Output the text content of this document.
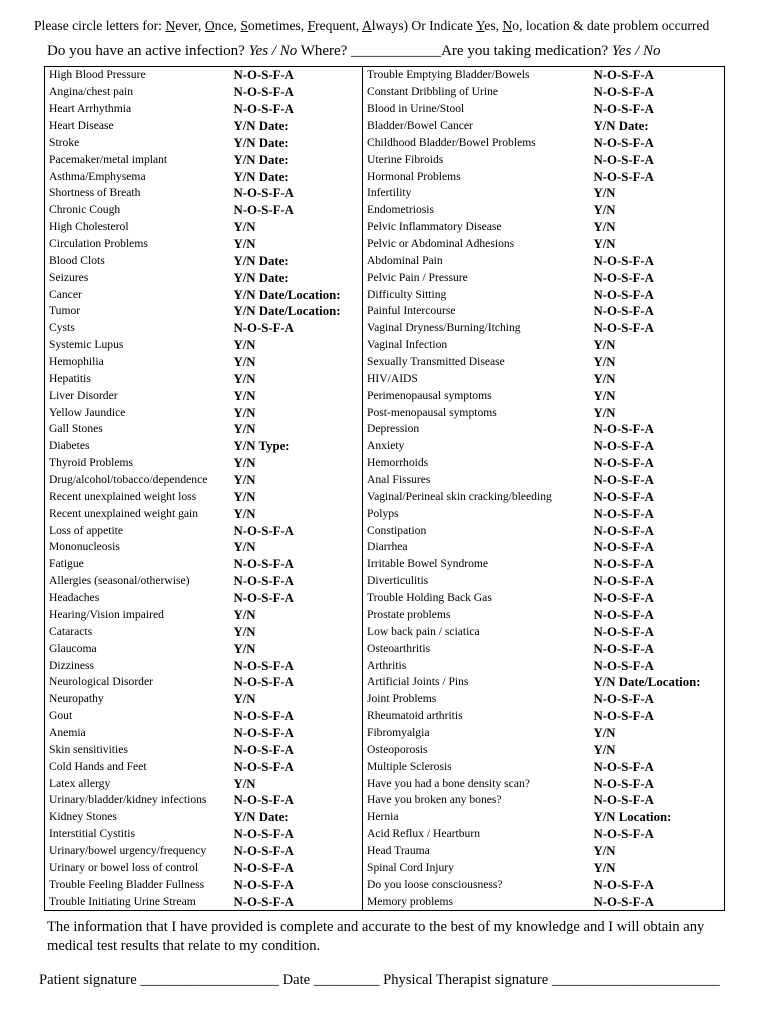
Please circle letters for: Never, Once, Sometimes, Frequent, Always) Or Indicate Yes, No, location & date problem occurred
Do you have an active infection? Yes / No Where? ____________Are you taking medication? Yes / No
High Blood Pressure	N-O-S-F-A	Trouble Emptying Bladder/Bowels	N-O-S-F-A
Angina/chest pain	N-O-S-F-A	Constant Dribbling of Urine	N-O-S-F-A
Heart Arrhythmia	N-O-S-F-A	Blood in Urine/Stool	N-O-S-F-A
Heart Disease	Y/N Date:	Bladder/Bowel Cancer	Y/N Date:
Stroke	Y/N Date:	Childhood Bladder/Bowel Problems	N-O-S-F-A
Pacemaker/metal implant	Y/N Date:	Uterine Fibroids	N-O-S-F-A
Asthma/Emphysema	Y/N Date:	Hormonal Problems	N-O-S-F-A
Shortness of Breath	N-O-S-F-A	Infertility	Y/N
Chronic Cough	N-O-S-F-A	Endometriosis	Y/N
High Cholesterol	Y/N	Pelvic Inflammatory Disease	Y/N
Circulation Problems	Y/N	Pelvic or Abdominal Adhesions	Y/N
Blood Clots	Y/N Date:	Abdominal Pain	N-O-S-F-A
Seizures	Y/N Date:	Pelvic Pain / Pressure	N-O-S-F-A
Cancer	Y/N Date/Location:	Difficulty Sitting	N-O-S-F-A
Tumor	Y/N Date/Location:	Painful Intercourse	N-O-S-F-A
Cysts	N-O-S-F-A	Vaginal Dryness/Burning/Itching	N-O-S-F-A
Systemic Lupus	Y/N	Vaginal Infection	Y/N
Hemophilia	Y/N	Sexually Transmitted Disease	Y/N
Hepatitis	Y/N	HIV/AIDS	Y/N
Liver Disorder	Y/N	Perimenopausal symptoms	Y/N
Yellow Jaundice	Y/N	Post-menopausal symptoms	Y/N
Gall Stones	Y/N	Depression	N-O-S-F-A
Diabetes	Y/N Type:	Anxiety	N-O-S-F-A
Thyroid Problems	Y/N	Hemorrhoids	N-O-S-F-A
Drug/alcohol/tobacco/dependence	Y/N	Anal Fissures	N-O-S-F-A
Recent unexplained weight loss	Y/N	Vaginal/Perineal skin cracking/bleeding	N-O-S-F-A
Recent unexplained weight gain	Y/N	Polyps	N-O-S-F-A
Loss of appetite	N-O-S-F-A	Constipation	N-O-S-F-A
Mononucleosis	Y/N	Diarrhea	N-O-S-F-A
Fatigue	N-O-S-F-A	Irritable Bowel Syndrome	N-O-S-F-A
Allergies (seasonal/otherwise)	N-O-S-F-A	Diverticulitis	N-O-S-F-A
Headaches	N-O-S-F-A	Trouble Holding Back Gas	N-O-S-F-A
Hearing/Vision impaired	Y/N	Prostate problems	N-O-S-F-A
Cataracts	Y/N	Low back pain / sciatica	N-O-S-F-A
Glaucoma	Y/N	Osteoarthritis	N-O-S-F-A
Dizziness	N-O-S-F-A	Arthritis	N-O-S-F-A
Neurological Disorder	N-O-S-F-A	Artificial Joints / Pins	Y/N Date/Location:
Neuropathy	Y/N	Joint Problems	N-O-S-F-A
Gout	N-O-S-F-A	Rheumatoid arthritis	N-O-S-F-A
Anemia	N-O-S-F-A	Fibromyalgia	Y/N
Skin sensitivities	N-O-S-F-A	Osteoporosis	Y/N
Cold Hands and Feet	N-O-S-F-A	Multiple Sclerosis	N-O-S-F-A
Latex allergy	Y/N	Have you had a bone density scan?	N-O-S-F-A
Urinary/bladder/kidney infections	N-O-S-F-A	Have you broken any bones?	N-O-S-F-A
Kidney Stones	Y/N Date:	Hernia	Y/N Location:
Interstitial Cystitis	N-O-S-F-A	Acid Reflux / Heartburn	N-O-S-F-A
Urinary/bowel urgency/frequency	N-O-S-F-A	Head Trauma	Y/N
Urinary or bowel loss of control	N-O-S-F-A	Spinal Cord Injury	Y/N
Trouble Feeling Bladder Fullness	N-O-S-F-A	Do you loose consciousness?	N-O-S-F-A
Trouble Initiating Urine Stream	N-O-S-F-A	Memory problems	N-O-S-F-A
The information that I have provided is complete and accurate to the best of my knowledge and I will obtain any medical test results that relate to my condition.
Patient signature ___________________ Date _________ Physical Therapist signature _______________________
